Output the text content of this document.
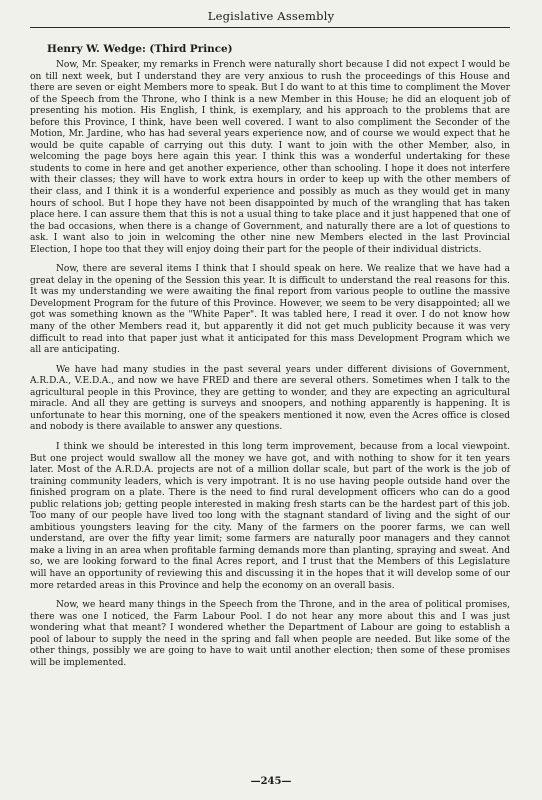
Legislative Assembly
Henry W. Wedge: (Third Prince)

Now, Mr. Speaker, my remarks in French were naturally short because I did not expect I would be on till next week, but I understand they are very anxious to rush the proceedings of this House and there are seven or eight Members more to speak. But I do want to at this time to compliment the Mover of the Speech from the Throne, who I think is a new Member in this House; he did an eloquent job of presenting his motion. His English, I think, is exemplary, and his approach to the problems that are before this Province, I think, have been well covered. I want to also compliment the Seconder of the Motion, Mr. Jardine, who has had several years experience now, and of course we would expect that he would be quite capable of carrying out this duty. I want to join with the other Member, also, in welcoming the page boys here again this year. I think this was a wonderful undertaking for these students to come in here and get another experience, other than schooling. I hope it does not interfere with their classes; they will have to work extra hours in order to keep up with the other members of their class, and I think it is a wonderful experience and possibly as much as they would get in many hours of school. But I hope they have not been disappointed by much of the wrangling that has taken place here. I can assure them that this is not a usual thing to take place and it just happened that one of the bad occasions, when there is a change of Government, and naturally there are a lot of questions to ask. I want also to join in welcoming the other nine new Members elected in the last Provincial Election, I hope too that they will enjoy doing their part for the people of their individual districts.

Now, there are several items I think that I should speak on here. We realize that we have had a great delay in the opening of the Session this year. It is difficult to understand the real reasons for this. It was my understanding we were awaiting the final report from various people to outline the massive Development Program for the future of this Province. However, we seem to be very disappointed; all we got was something known as the "White Paper". It was tabled here, I read it over. I do not know how many of the other Members read it, but apparently it did not get much publicity because it was very difficult to read into that paper just what it anticipated for this mass Development Program which we all are anticipating.

We have had many studies in the past several years under different divisions of Government, A.R.D.A., V.E.D.A., and now we have FRED and there are several others. Sometimes when I talk to the agricultural people in this Province, they are getting to wonder, and they are expecting an agricultural miracle. And all they are getting is surveys and snoopers, and nothing apparently is happening. It is unfortunate to hear this morning, one of the speakers mentioned it now, even the Acres office is closed and nobody is there available to answer any questions.

I think we should be interested in this long term improvement, because from a local viewpoint. But one project would swallow all the money we have got, and with nothing to show for it ten years later. Most of the A.R.D.A. projects are not of a million dollar scale, but part of the work is the job of training community leaders, which is very impotrant. It is no use having people outside hand over the finished program on a plate. There is the need to find rural development officers who can do a good public relations job; getting people interested in making fresh starts can be the hardest part of this job. Too many of our people have lived too long with the stagnant standard of living and the sight of our ambitious youngsters leaving for the city. Many of the farmers on the poorer farms, we can well understand, are over the fifty year limit; some farmers are naturally poor managers and they cannot make a living in an area when profitable farming demands more than planting, spraying and sweat. And so, we are looking forward to the final Acres report, and I trust that the Members of this Legislature will have an opportunity of reviewing this and discussing it in the hopes that it will develop some of our more retarded areas in this Province and help the economy on an overall basis.

Now, we heard many things in the Speech from the Throne, and in the area of political promises, there was one I noticed, the Farm Labour Pool. I do not hear any more about this and I was just wondering what that meant? I wondered whether the Department of Labour are going to establish a pool of labour to supply the need in the spring and fall when people are needed. But like some of the other things, possibly we are going to have to wait until another election; then some of these promises will be implemented.

—245—
